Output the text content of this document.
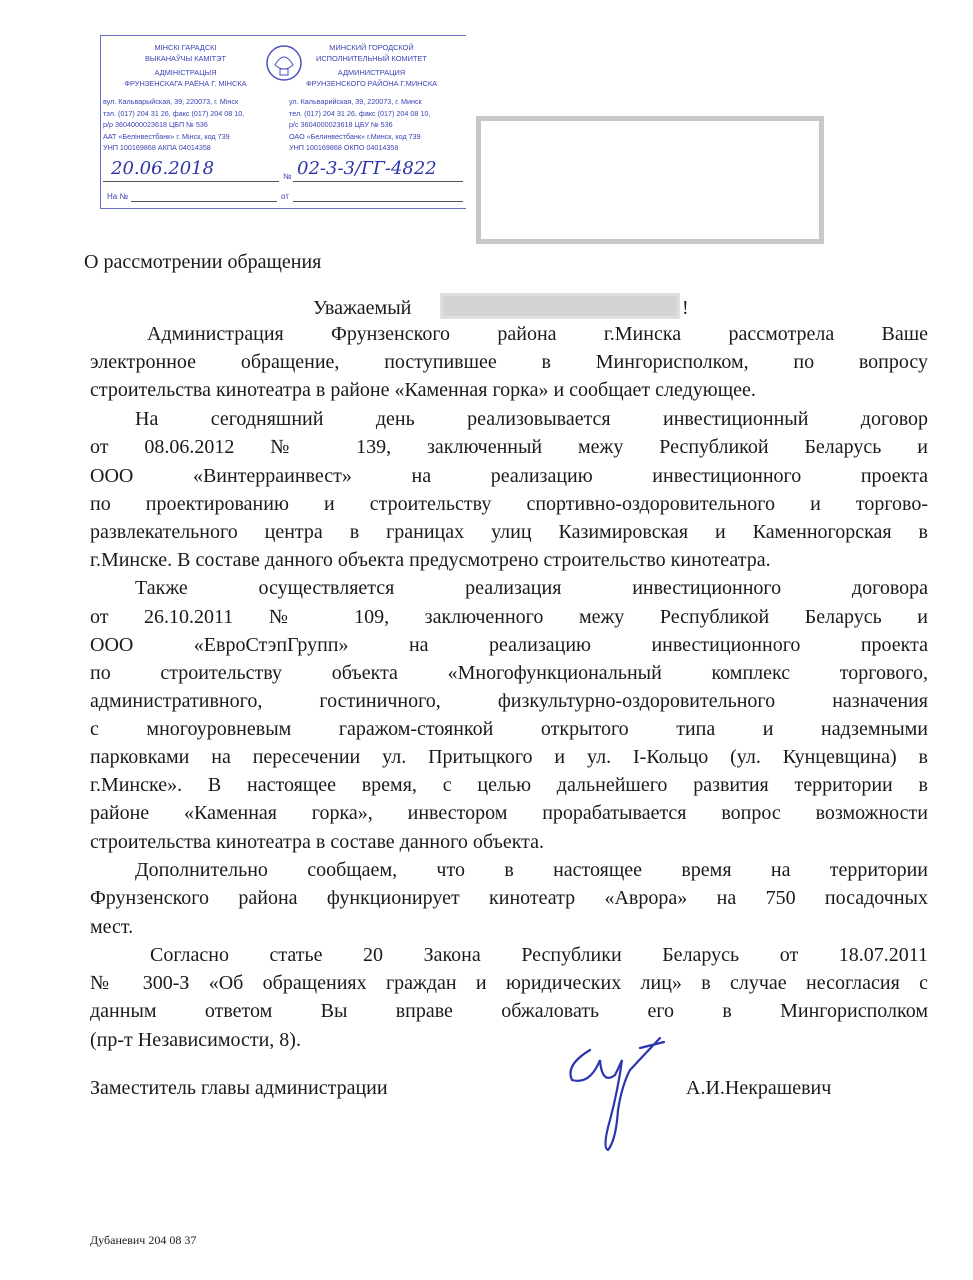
МІНСКІ ГАРАДСКІ
ВЫКАНАЎЧЫ КАМІТЭТ
АДМІНІСТРАЦЫЯ
ФРУНЗЕНСКАГА РАЁНА Г. МІНСКА
МИНСКИЙ ГОРОДСКОЙ
ИСПОЛНИТЕЛЬНЫЙ КОМИТЕТ
АДМИНИСТРАЦИЯ
ФРУНЗЕНСКОГО РАЙОНА Г.МИНСКА
вул. Кальварыйская, 39, 220073, г. Мінск
тэл. (017) 204 31 26, факс (017) 204 08 10,
р/р 3604000023618 ЦБП № 536
ААТ «Белінвестбанк» г. Мінск, код 739
УНП 100169868 АКПА 04014358
ул. Кальварийская, 39, 220073, г. Минск
тел. (017) 204 31 26, факс (017) 204 08 10,
р/с 3604000023618 ЦБУ № 536
ОАО «Белинвестбанк» г.Минск, код 739
УНП 100169868 ОКПО 04014358
20.06.2018	№ 02-3-3/ГГ-4822
На №	от
О рассмотрении обращения
Уважаемый	!
Администрация Фрунзенского района г.Минска рассмотрела Ваше
электронное обращение, поступившее в Мингорисполком, по вопросу
строительства кинотеатра в районе «Каменная горка» и сообщает следующее.
На сегодняшний день реализовывается инвестиционный договор
от 08.06.2012 № 139, заключенный межу Республикой Беларусь и
ООО «Винтерраинвест» на реализацию инвестиционного проекта
по проектированию и строительству спортивно-оздоровительного и торгово-
развлекательного центра в границах улиц Казимировская и Каменногорская в
г.Минске. В составе данного объекта предусмотрено строительство кинотеатра.
Также осуществляется реализация инвестиционного договора
от 26.10.2011 № 109, заключенного межу Республикой Беларусь и
ООО «ЕвроСтэпГрупп» на реализацию инвестиционного проекта
по строительству объекта «Многофункциональный комплекс торгового,
административного, гостиничного, физкультурно-оздоровительного назначения
с многоуровневым гаражом-стоянкой открытого типа и надземными
парковками на пересечении ул. Притыцкого и ул. I-Кольцо (ул. Кунцевщина) в
г.Минске». В настоящее время, с целью дальнейшего развития территории в
районе «Каменная горка», инвестором прорабатывается вопрос возможности
строительства кинотеатра в составе данного объекта.
Дополнительно сообщаем, что в настоящее время на территории
Фрунзенского района функционирует кинотеатр «Аврора» на 750 посадочных
мест.
Согласно статье 20 Закона Республики Беларусь от 18.07.2011
№ 300-З «Об обращениях граждан и юридических лиц» в случае несогласия с
данным ответом Вы вправе обжаловать его в Мингорисполком
(пр-т Независимости, 8).
Заместитель главы администрации	А.И.Некрашевич
Дубаневич 204 08 37
